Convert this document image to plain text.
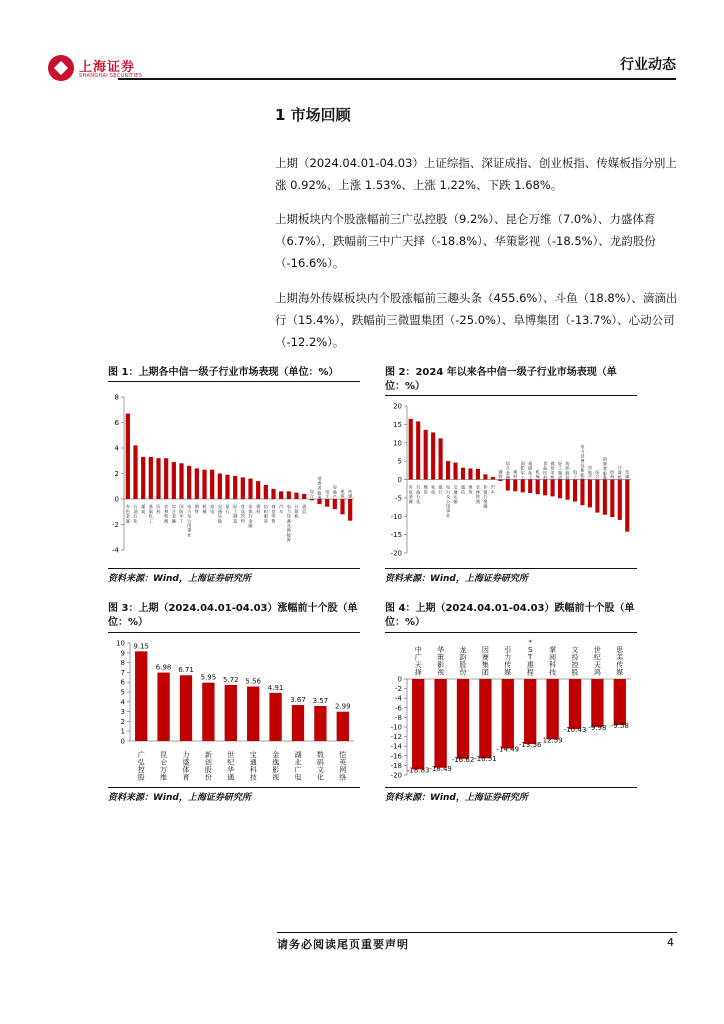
上海证券
SHANGHAI SECURITIES
行业动态
1 市场回顾
上期（2024.04.01-04.03）上证综指、深证成指、创业板指、传媒板指分别上涨 0.92%、上涨 1.53%、上涨 1.22%、下跌 1.68%。
上期板块内个股涨幅前三广弘控股（9.2%）、昆仑万维（7.0%）、力盛体育（6.7%），跌幅前三中广天择（-18.8%）、华策影视（-18.5%）、龙韵股份（-16.6%）。
上期海外传媒板块内个股涨幅前三趣头条（455.6%）、斗鱼（18.8%）、滴滴出行（15.4%），跌幅前三微盟集团（-25.0%）、阜博集团（-13.7%）、心动公司（-12.2%）。
图 1：上期各中信一级子行业市场表现（单位：%）
-4
-2
0
2
4
6
8
有色金属
石油石化
煤炭
基础化工
医药
农林牧渔
综合金融
国防军工
电力及公用事业
钢铁
机械
家电
交通运输
银行
轻工制造
食品饮料
非银行金融
建材
纺织服装
商贸零售
汽车
电力设备及新能源
计算机
通信
综合
消费者服务
电子
房地产
建筑
传媒
资料来源：Wind，上海证券研究所
图 2：2024 年以来各中信一级子行业市场表现（单位：%）
-20
-15
-10
-5
0
5
10
15
20
有色金属
石油石化
煤炭
家电
银行
电力及公用事业
交通运输
通信
建筑
农林牧渔
非银行金融
汽车
钢铁
综合金融
建材
国防军工
基础化工
机械
食品饮料
商贸零售
轻工制造
纺织服装
电子
电力设备及新能源
房地产
综合
消费者服务
医药
计算机
传媒
资料来源：Wind，上海证券研究所
图 3：上期（2024.04.01-04.03）涨幅前十个股（单位：%）
0
1
2
3
4
5
6
7
8
9
10
广弘控股
9.15
昆仑万维
6.98
力盛体育
6.71
新创股份
5.95
世纪华通
5.72
宝通科技
5.56
金逸影视
4.91
湖北广电
3.67
数码文化
3.57
恺英网络
2.99
资料来源：Wind，上海证券研究所
图 4：上期（2024.04.01-04.03）跌幅前十个股（单位：%）
0
-2
-4
-6
-8
-10
-12
-14
-16
-18
-20
中广天择
-18.83
华策影视
-18.49
龙韵股份
-16.62
因赛集团
-16.51
引力传媒
-14.49
* S T 惠程
-13.56
掌阅科技
12.59
文投控股
-10.43
世纪天鸿
-9.98
思美传媒
-9.58
资料来源：Wind，上海证券研究所
请务必阅读尾页重要声明	4
